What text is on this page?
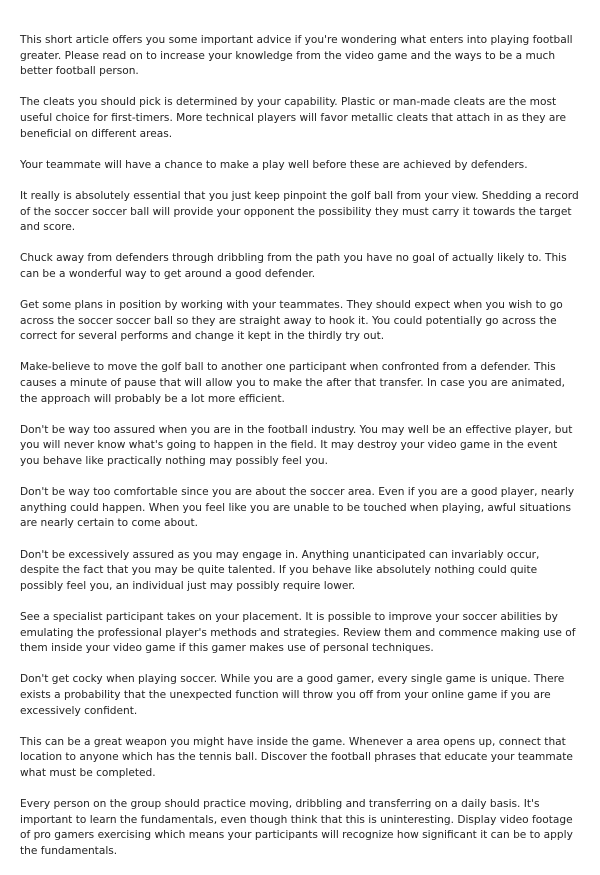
This short article offers you some important advice if you're wondering what enters into playing football greater. Please read on to increase your knowledge from the video game and the ways to be a much better football person.

The cleats you should pick is determined by your capability. Plastic or man-made cleats are the most useful choice for first-timers. More technical players will favor metallic cleats that attach in as they are beneficial on different areas.

Your teammate will have a chance to make a play well before these are achieved by defenders.

It really is absolutely essential that you just keep pinpoint the golf ball from your view. Shedding a record of the soccer soccer ball will provide your opponent the possibility they must carry it towards the target and score.

Chuck away from defenders through dribbling from the path you have no goal of actually likely to. This can be a wonderful way to get around a good defender.

Get some plans in position by working with your teammates. They should expect when you wish to go across the soccer soccer ball so they are straight away to hook it. You could potentially go across the correct for several performs and change it kept in the thirdly try out.

Make-believe to move the golf ball to another one participant when confronted from a defender. This causes a minute of pause that will allow you to make the after that transfer. In case you are animated, the approach will probably be a lot more efficient.

Don't be way too assured when you are in the football industry. You may well be an effective player, but you will never know what's going to happen in the field. It may destroy your video game in the event you behave like practically nothing may possibly feel you.

Don't be way too comfortable since you are about the soccer area. Even if you are a good player, nearly anything could happen. When you feel like you are unable to be touched when playing, awful situations are nearly certain to come about.

Don't be excessively assured as you may engage in. Anything unanticipated can invariably occur, despite the fact that you may be quite talented. If you behave like absolutely nothing could quite possibly feel you, an individual just may possibly require lower.

See a specialist participant takes on your placement. It is possible to improve your soccer abilities by emulating the professional player's methods and strategies. Review them and commence making use of them inside your video game if this gamer makes use of personal techniques.

Don't get cocky when playing soccer. While you are a good gamer, every single game is unique. There exists a probability that the unexpected function will throw you off from your online game if you are excessively confident.

This can be a great weapon you might have inside the game. Whenever a area opens up, connect that location to anyone which has the tennis ball. Discover the football phrases that educate your teammate what must be completed.

Every person on the group should practice moving, dribbling and transferring on a daily basis. It's important to learn the fundamentals, even though think that this is uninteresting. Display video footage of pro gamers exercising which means your participants will recognize how significant it can be to apply the fundamentals.
